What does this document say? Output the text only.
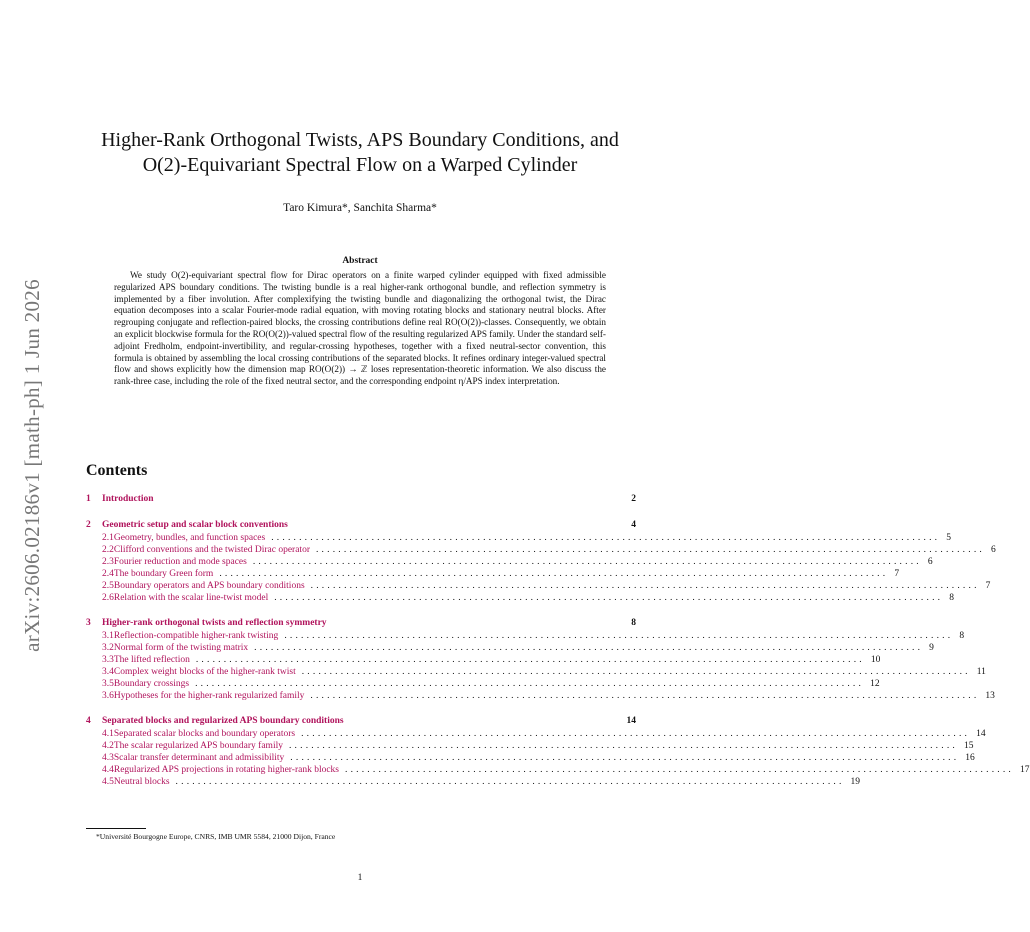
arXiv:2606.02186v1 [math-ph] 1 Jun 2026
Higher-Rank Orthogonal Twists, APS Boundary Conditions, and
O(2)-Equivariant Spectral Flow on a Warped Cylinder
Taro Kimura*, Sanchita Sharma*
Abstract

We study O(2)-equivariant spectral flow for Dirac operators on a finite warped cylinder equipped with fixed admissible regularized APS boundary conditions. The twisting bundle is a real higher-rank orthogonal bundle, and reflection symmetry is implemented by a fiber involution. After complexifying the twisting bundle and diagonalizing the orthogonal twist, the Dirac equation decomposes into a scalar Fourier-mode radial equation, with moving rotating blocks and stationary neutral blocks. After regrouping conjugate and reflection-paired blocks, the crossing contributions define real RO(O(2))-classes. Consequently, we obtain an explicit blockwise formula for the RO(O(2))-valued spectral flow of the resulting regularized APS family. Under the standard self-adjoint Fredholm, endpoint-invertibility, and regular-crossing hypotheses, together with a fixed neutral-sector convention, this formula is obtained by assembling the local crossing contributions of the separated blocks. It refines ordinary integer-valued spectral flow and shows explicitly how the dimension map RO(O(2)) → ℤ loses representation-theoretic information. We also discuss the rank-three case, including the role of the fixed neutral sector, and the corresponding endpoint η/APS index interpretation.

Contents
1	Introduction	2
2	Geometric setup and scalar block conventions	4
2.1 Geometry, bundles, and function spaces ........................................................................................................................ 5
2.2 Clifford conventions and the twisted Dirac operator ........................................................................................................................ 6
2.3 Fourier reduction and mode spaces ........................................................................................................................ 6
2.4 The boundary Green form ........................................................................................................................ 7
2.5 Boundary operators and APS boundary conditions ........................................................................................................................ 7
2.6 Relation with the scalar line-twist model ........................................................................................................................ 8
3	Higher-rank orthogonal twists and reflection symmetry	8
3.1 Reflection-compatible higher-rank twisting ........................................................................................................................ 8
3.2 Normal form of the twisting matrix ........................................................................................................................ 9
3.3 The lifted reflection ........................................................................................................................ 10
3.4 Complex weight blocks of the higher-rank twist ........................................................................................................................ 11
3.5 Boundary crossings ........................................................................................................................ 12
3.6 Hypotheses for the higher-rank regularized family ........................................................................................................................ 13
4	Separated blocks and regularized APS boundary conditions	14
4.1 Separated scalar blocks and boundary operators ........................................................................................................................ 14
4.2 The scalar regularized APS boundary family ........................................................................................................................ 15
4.3 Scalar transfer determinant and admissibility ........................................................................................................................ 16
4.4 Regularized APS projections in rotating higher-rank blocks ........................................................................................................................ 17
4.5 Neutral blocks ........................................................................................................................ 19
*Université Bourgogne Europe, CNRS, IMB UMR 5584, 21000 Dijon, France
1
